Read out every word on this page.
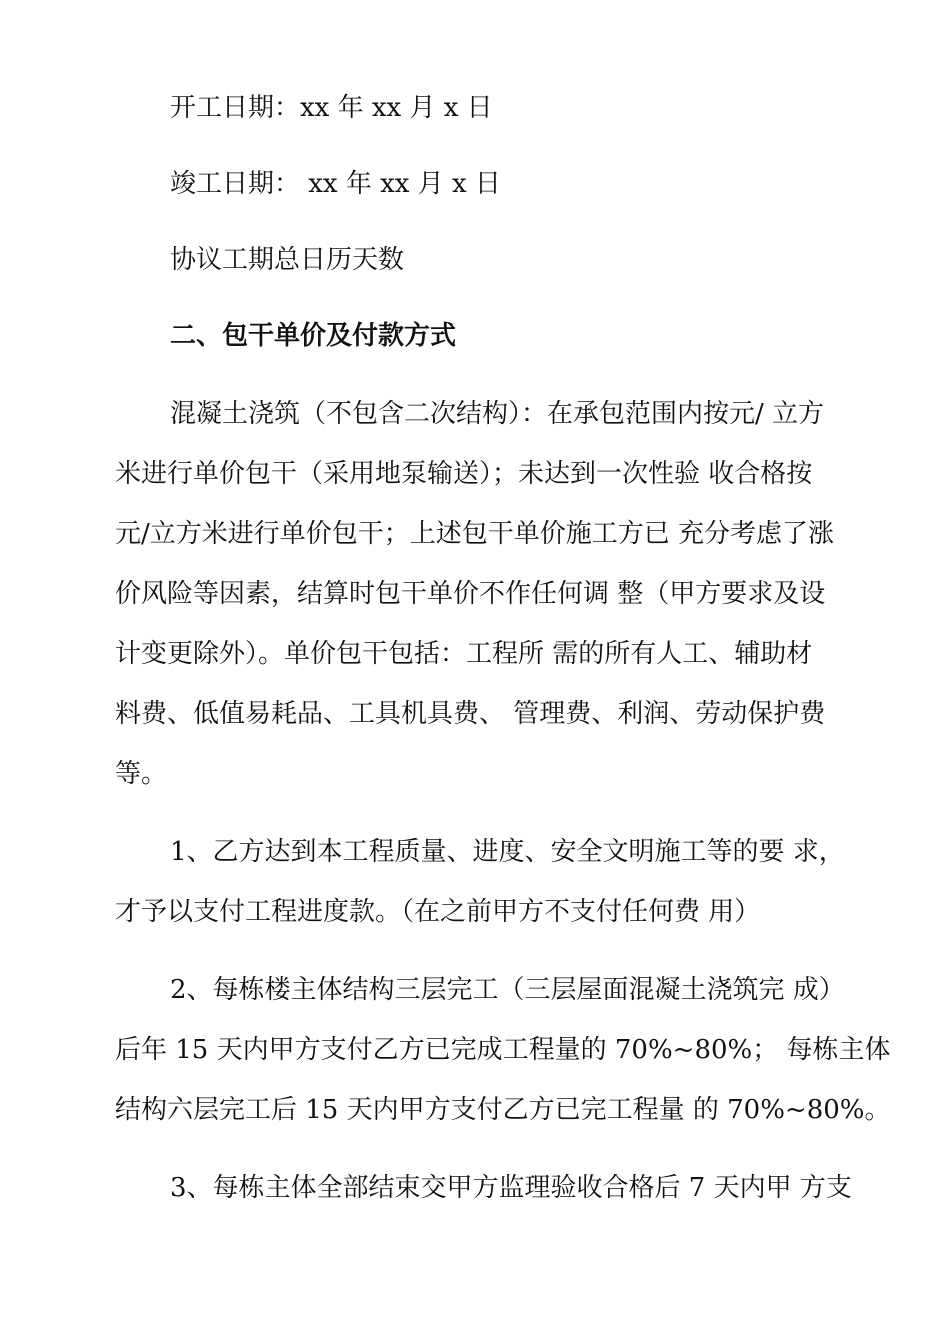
开工日期：xx 年 xx 月 x 日
竣工日期： xx 年 xx 月 x 日
协议工期总日历天数
二、包干单价及付款方式
混凝土浇筑（不包含二次结构）：在承包范围内按元/ 立方
米进行单价包干（采用地泵输送）；未达到一次性验 收合格按
元/立方米进行单价包干；上述包干单价施工方已 充分考虑了涨
价风险等因素，结算时包干单价不作任何调 整（甲方要求及设
计变更除外）。单价包干包括：工程所 需的所有人工、辅助材
料费、低值易耗品、工具机具费、 管理费、利润、劳动保护费
等。
1、乙方达到本工程质量、进度、安全文明施工等的要 求，
才予以支付工程进度款。（在之前甲方不支付任何费 用）
2、每栋楼主体结构三层完工（三层屋面混凝土浇筑完 成）
后年 15 天内甲方支付乙方已完成工程量的 70%~80%； 每栋主体
结构六层完工后 15 天内甲方支付乙方已完工程量 的 70%~80%。
3、每栋主体全部结束交甲方监理验收合格后 7 天内甲 方支
